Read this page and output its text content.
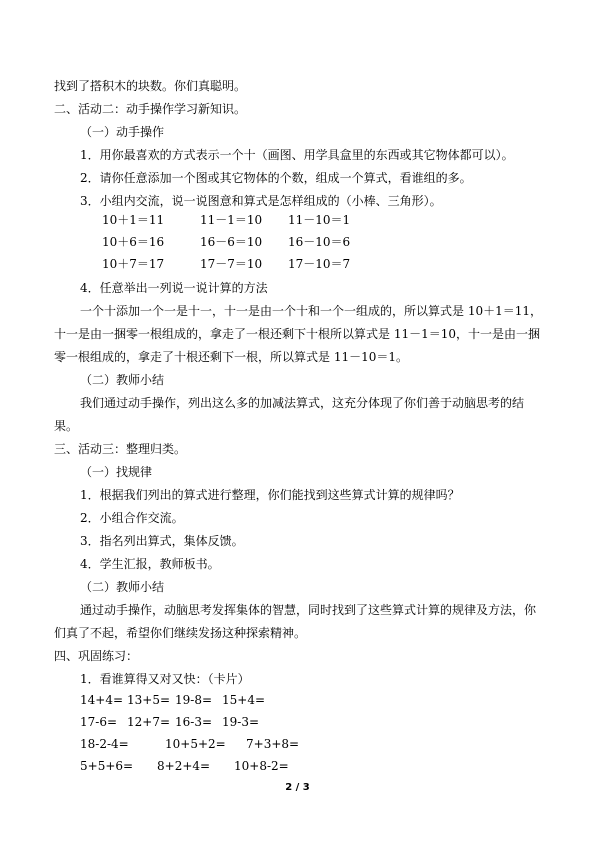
找到了搭积木的块数。你们真聪明。
二、活动二：动手操作学习新知识。
（一）动手操作
1．用你最喜欢的方式表示一个十（画图、用学具盒里的东西或其它物体都可以）。
2．请你任意添加一个图或其它物体的个数，组成一个算式，看谁组的多。
3．小组内交流，说一说图意和算式是怎样组成的（小棒、三角形）。
10＋1＝11	11－1＝10 11－10＝1
10＋6＝16	16－6＝10 16－10＝6
10＋7＝17	17－7＝10 17－10＝7
4．任意举出一列说一说计算的方法
一个十添加一个一是十一，十一是由一个十和一个一组成的，所以算式是 10＋1＝11，
十一是由一捆零一根组成的，拿走了一根还剩下十根所以算式是 11－1＝10，十一是由一捆
零一根组成的，拿走了十根还剩下一根，所以算式是 11－10＝1。
（二）教师小结
我们通过动手操作，列出这么多的加减法算式，这充分体现了你们善于动脑思考的结
果。
三、活动三：整理归类。
（一）找规律
1．根据我们列出的算式进行整理，你们能找到这些算式计算的规律吗？
2．小组合作交流。
3．指名列出算式，集体反馈。
4．学生汇报，教师板书。
（二）教师小结
通过动手操作，动脑思考发挥集体的智慧，同时找到了这些算式计算的规律及方法，你
们真了不起，希望你们继续发扬这种探索精神。
四、巩固练习：
1．看谁算得又对又快：（卡片）
14+4= 13+5= 19-8= 15+4=
17-6= 12+7= 16-3= 19-3=
18-2-4=	10+5+2= 7+3+8=
5+5+6= 8+2+4= 10+8-2=
2 / 3
